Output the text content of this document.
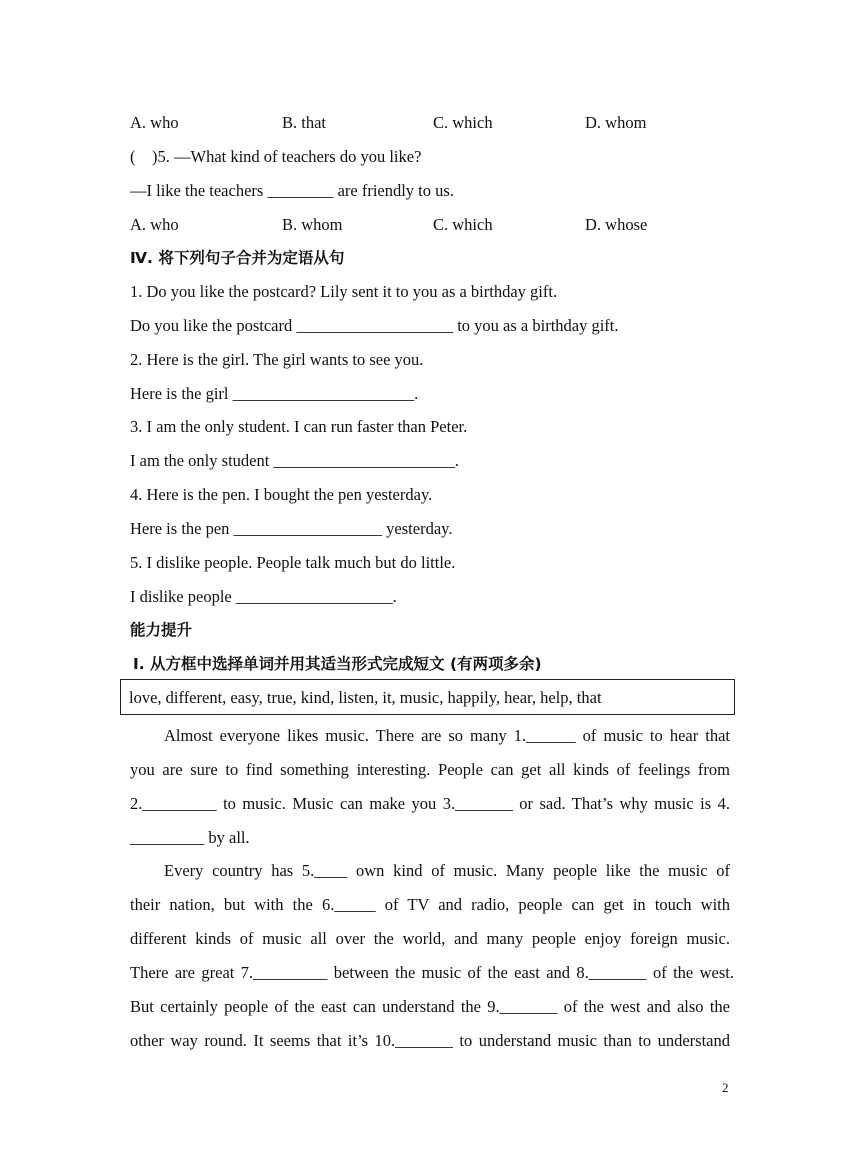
A. who	B. that	C. which	D. whom
(　)5. —What kind of teachers do you like?
—I like the teachers ________ are friendly to us.
A. who	B. whom	C. which	D. whose
Ⅳ. 将下列句子合并为定语从句
1. Do you like the postcard? Lily sent it to you as a birthday gift.
Do you like the postcard ___________________ to you as a birthday gift.
2. Here is the girl. The girl wants to see you.
Here is the girl ______________________.
3. I am the only student. I can run faster than Peter.
I am the only student ______________________.
4. Here is the pen. I bought the pen yesterday.
Here is the pen __________________ yesterday.
5. I dislike people. People talk much but do little.
I dislike people ___________________.
能力提升
Ⅰ. 从方框中选择单词并用其适当形式完成短文 (有两项多余)
love, different, easy, true, kind, listen, it, music, happily, hear, help, that
Almost everyone likes music. There are so many 1.______ of music to hear that
you are sure to find something interesting. People can get all kinds of feelings from
2._________ to music. Music can make you 3._______ or sad. That’s why music is 4.
_________ by all.
Every country has 5.____ own kind of music. Many people like the music of
their nation, but with the 6._____ of TV and radio, people can get in touch with
different kinds of music all over the world, and many people enjoy foreign music.
There are great 7._________ between the music of the east and 8._______ of the west.
But certainly people of the east can understand the 9._______ of the west and also the
other way round. It seems that it’s 10._______ to understand music than to understand
2
